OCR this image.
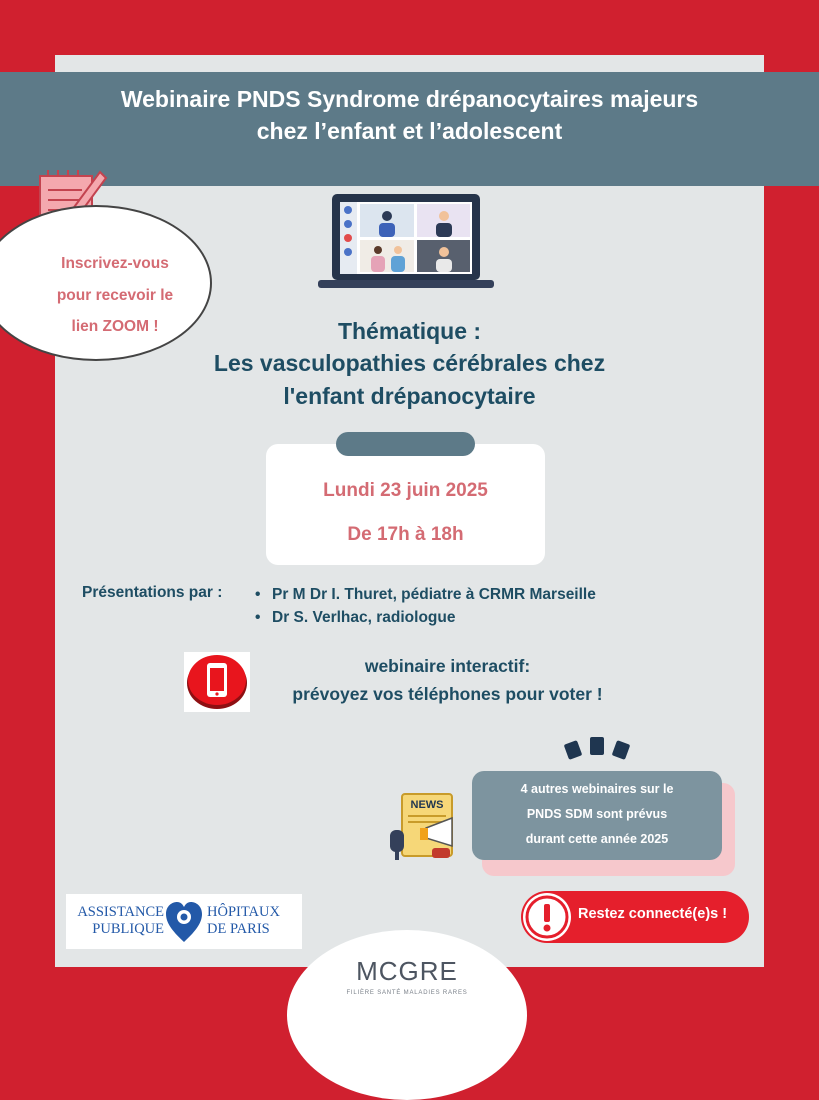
Webinaire PNDS Syndrome drépanocytaires majeurs
chez l’enfant et l’adolescent
Inscrivez-vous
pour recevoir le
lien ZOOM !	Thématique :
Les vasculopathies cérébrales chez
l'enfant drépanocytaire
Lundi 23 juin 2025
De 17h à 18h
Présentations par : • Pr M Dr I. Thuret, pédiatre à CRMR Marseille
• Dr S. Verlhac, radiologue
webinaire interactif:
prévoyez vos téléphones pour voter !
4 autres webinaires sur le
PNDS SDM sont prévus
durant cette année 2025
NEWS
ASSISTANCE
PUBLIQUE
HÔPITAUX
DE PARIS
Restez connecté(e)s !
MCGRE
FILIÈRE SANTÉ MALADIES RARES
